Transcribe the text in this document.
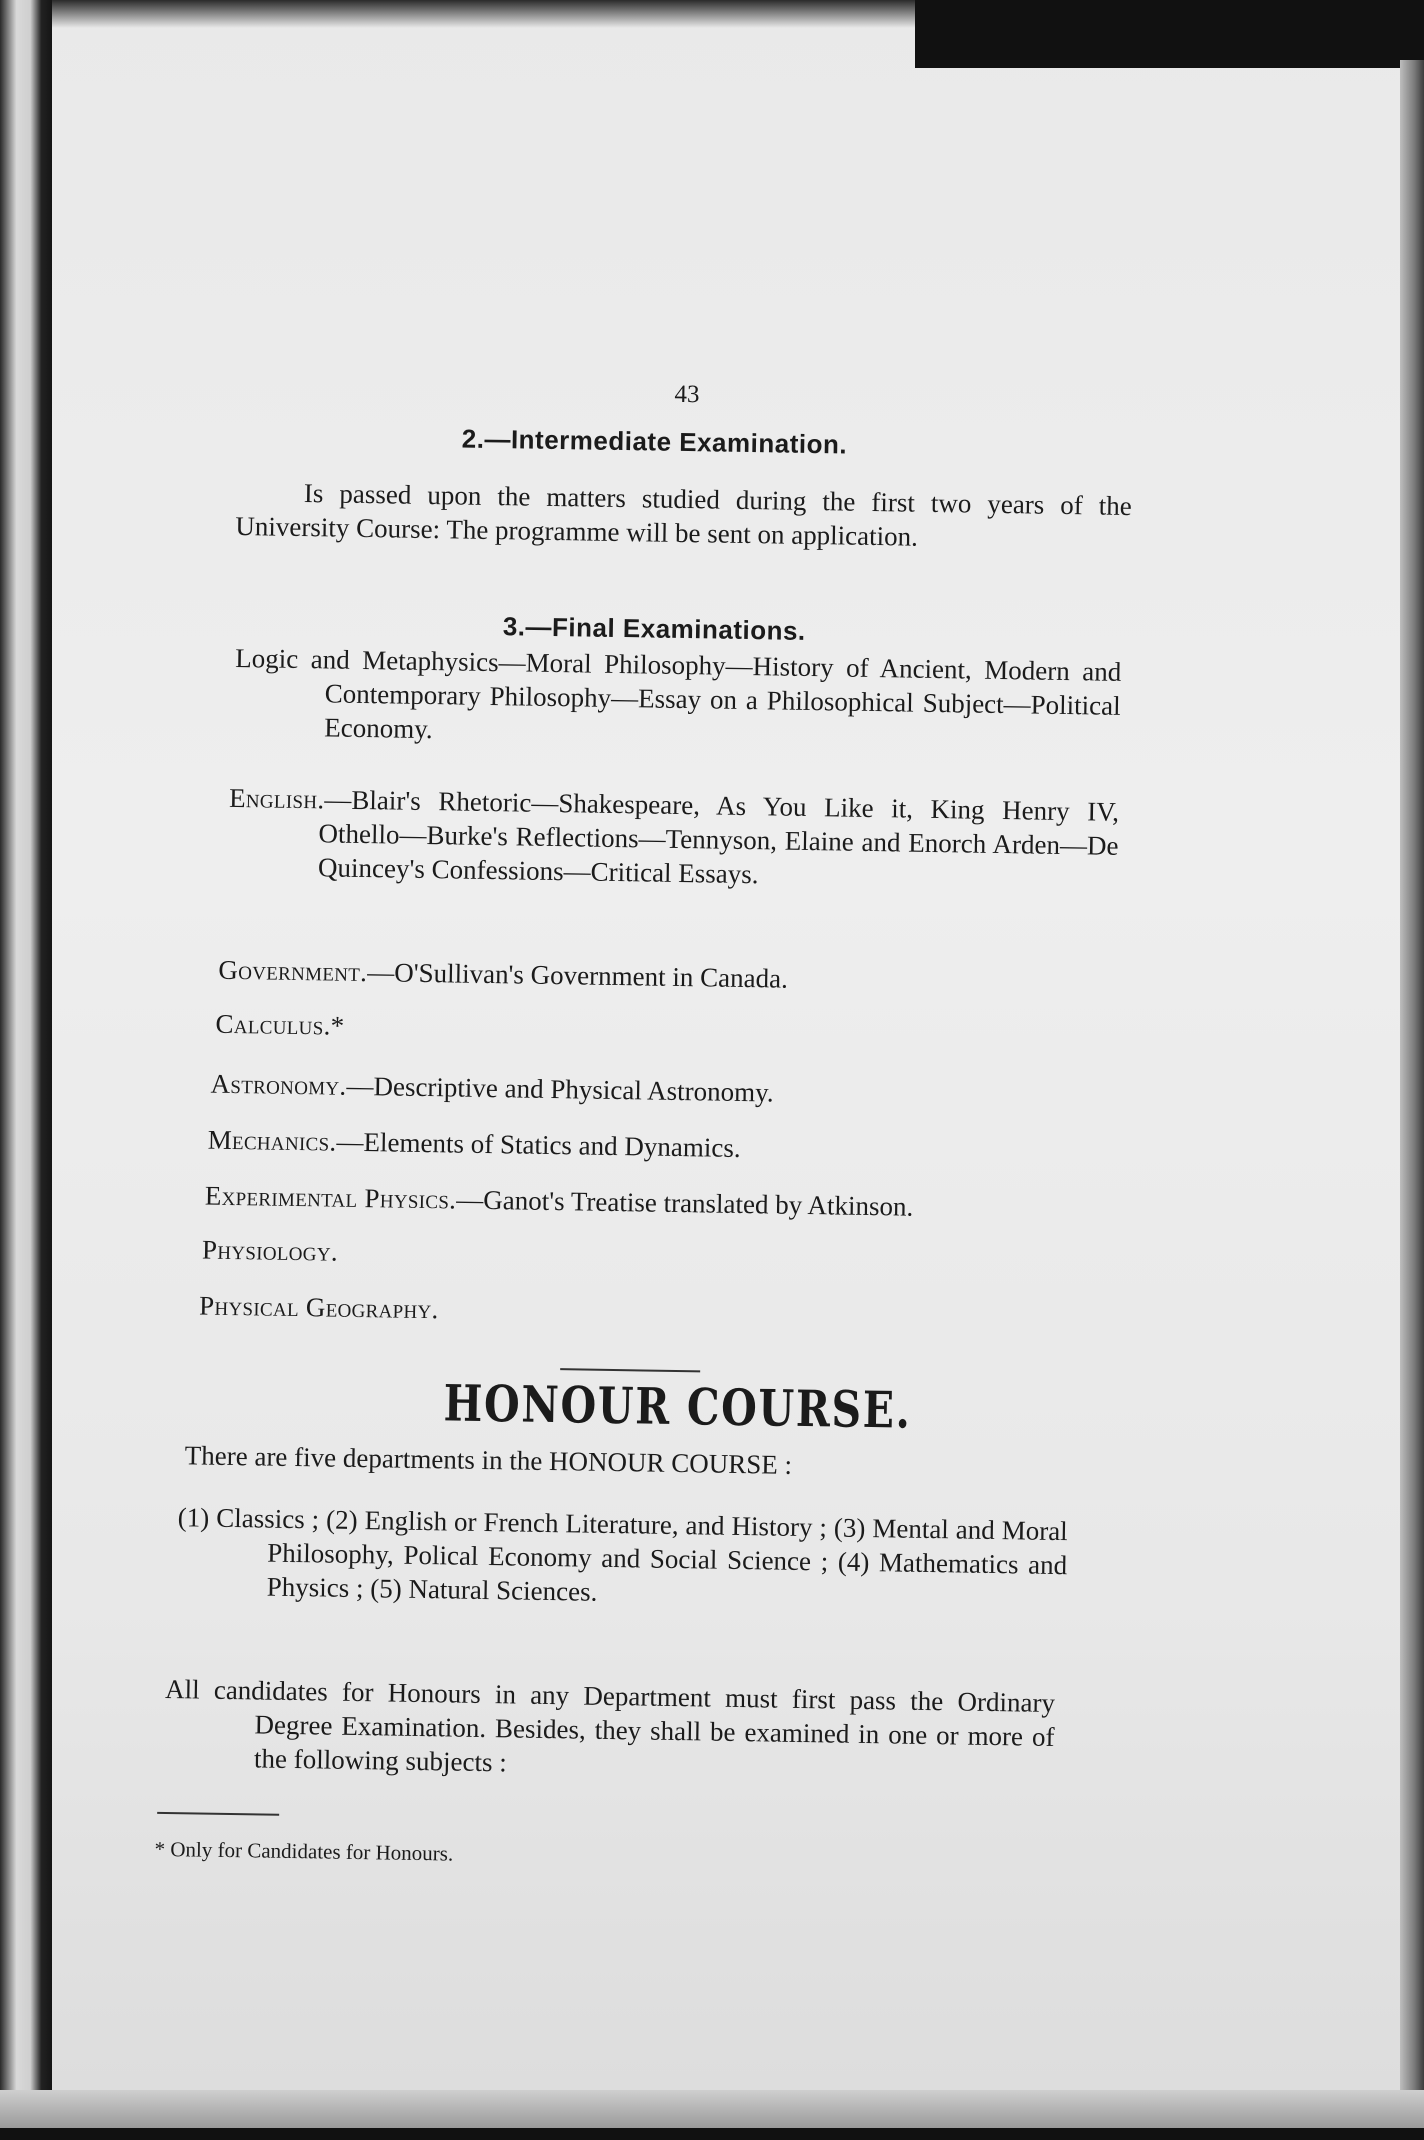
43
2.—Intermediate Examination.
Is passed upon the matters studied during the first two years of the University Course: The programme will be sent on application.
3.—Final Examinations.
Logic and Metaphysics—Moral Philosophy—History of Ancient, Modern and Contemporary Philosophy—Essay on a Philosophical Subject—Political Economy.
English.—Blair's Rhetoric—Shakespeare, As You Like it, King Henry IV, Othello—Burke's Reflections—Tennyson, Elaine and Enorch Arden—De Quincey's Confessions—Critical Essays.
Government.—O'Sullivan's Government in Canada.
Calculus.*
Astronomy.—Descriptive and Physical Astronomy.
Mechanics.—Elements of Statics and Dynamics.
Experimental Physics.—Ganot's Treatise translated by Atkinson.
Physiology.
Physical Geography.
HONOUR COURSE.
There are five departments in the HONOUR COURSE :
(1) Classics ; (2) English or French Literature, and History ; (3) Mental and Moral Philosophy, Polical Economy and Social Science ; (4) Mathematics and Physics ; (5) Natural Sciences.
All candidates for Honours in any Department must first pass the Ordinary Degree Examination. Besides, they shall be examined in one or more of the following subjects :
* Only for Candidates for Honours.
